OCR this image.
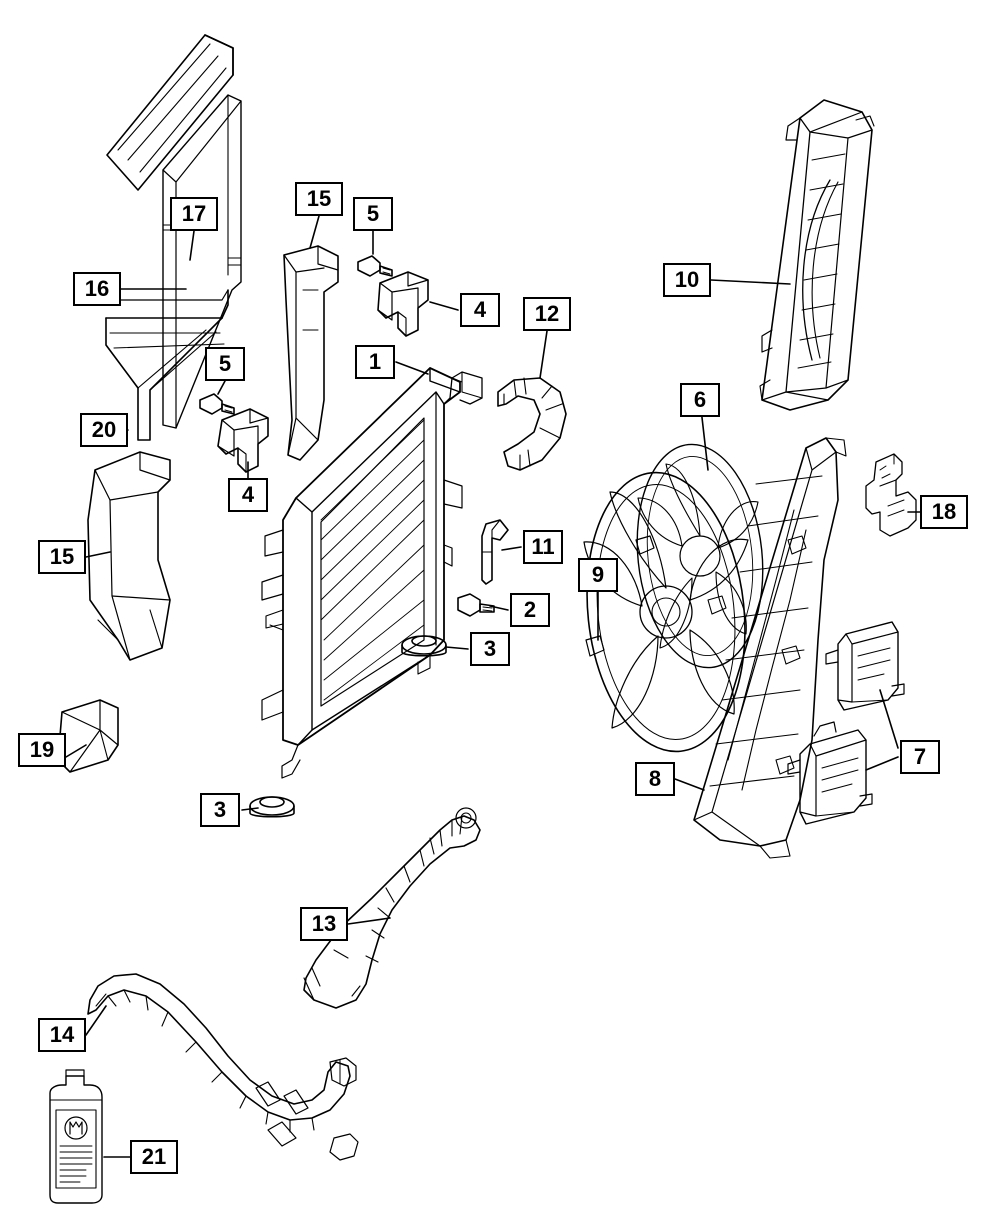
1
2
3
3
4
4
5
5
6
7
8
9
10
11
12
13
14
15
15
16
17
18
19
20
21
